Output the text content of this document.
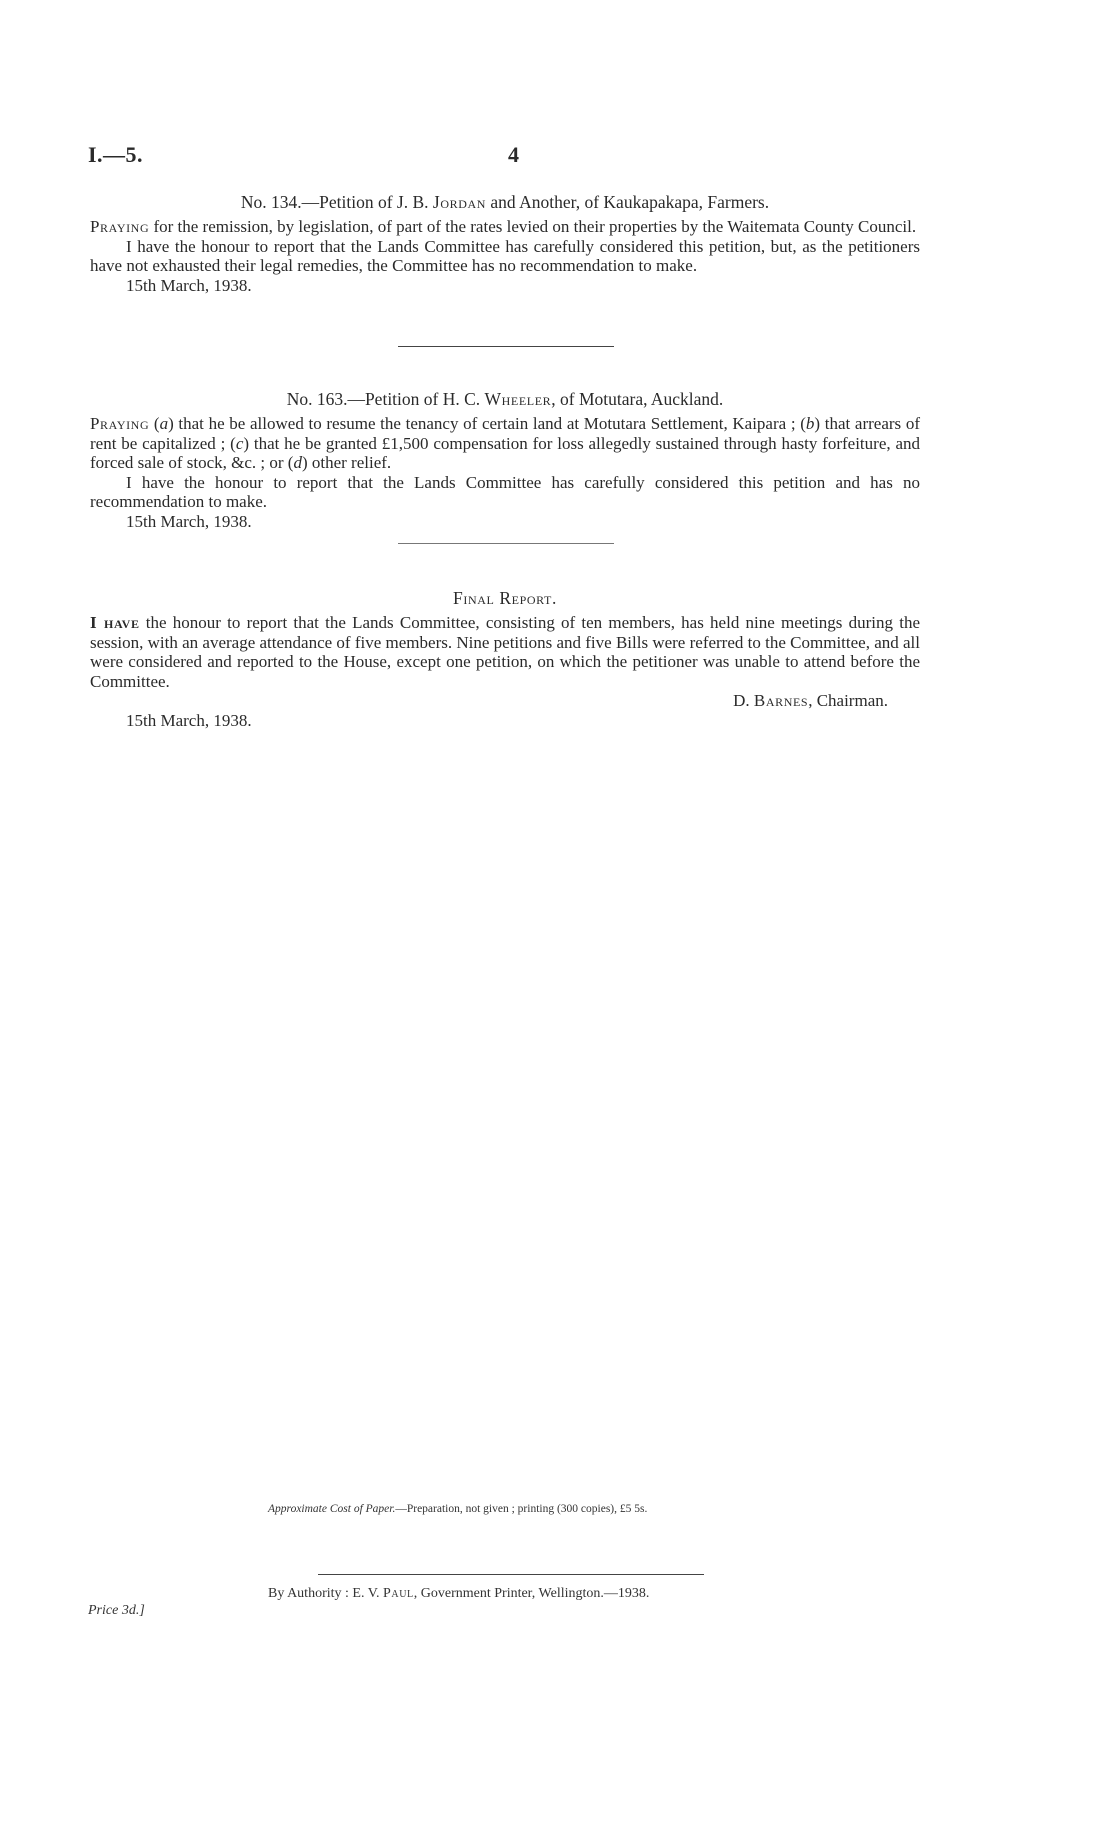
I.—5.	4

No. 134.—Petition of J. B. Jordan and Another, of Kaukapakapa, Farmers.

Praying for the remission, by legislation, of part of the rates levied on their properties by the Waitemata County Council.

I have the honour to report that the Lands Committee has carefully considered this petition, but, as the petitioners have not exhausted their legal remedies, the Committee has no recommendation to make.

15th March, 1938.

No. 163.—Petition of H. C. Wheeler, of Motutara, Auckland.

Praying (a) that he be allowed to resume the tenancy of certain land at Motutara Settlement, Kaipara ; (b) that arrears of rent be capitalized ; (c) that he be granted £1,500 compensation for loss allegedly sustained through hasty forfeiture, and forced sale of stock, &c. ; or (d) other relief.

I have the honour to report that the Lands Committee has carefully considered this petition and has no recommendation to make.

15th March, 1938.

Final Report.

I have the honour to report that the Lands Committee, consisting of ten members, has held nine meetings during the session, with an average attendance of five members. Nine petitions and five Bills were referred to the Committee, and all were considered and reported to the House, except one petition, on which the petitioner was unable to attend before the Committee.

D. Barnes, Chairman.

15th March, 1938.

Approximate Cost of Paper.—Preparation, not given ; printing (300 copies), £5 5s.
By Authority : E. V. Paul, Government Printer, Wellington.—1938.
Price 3d.]
